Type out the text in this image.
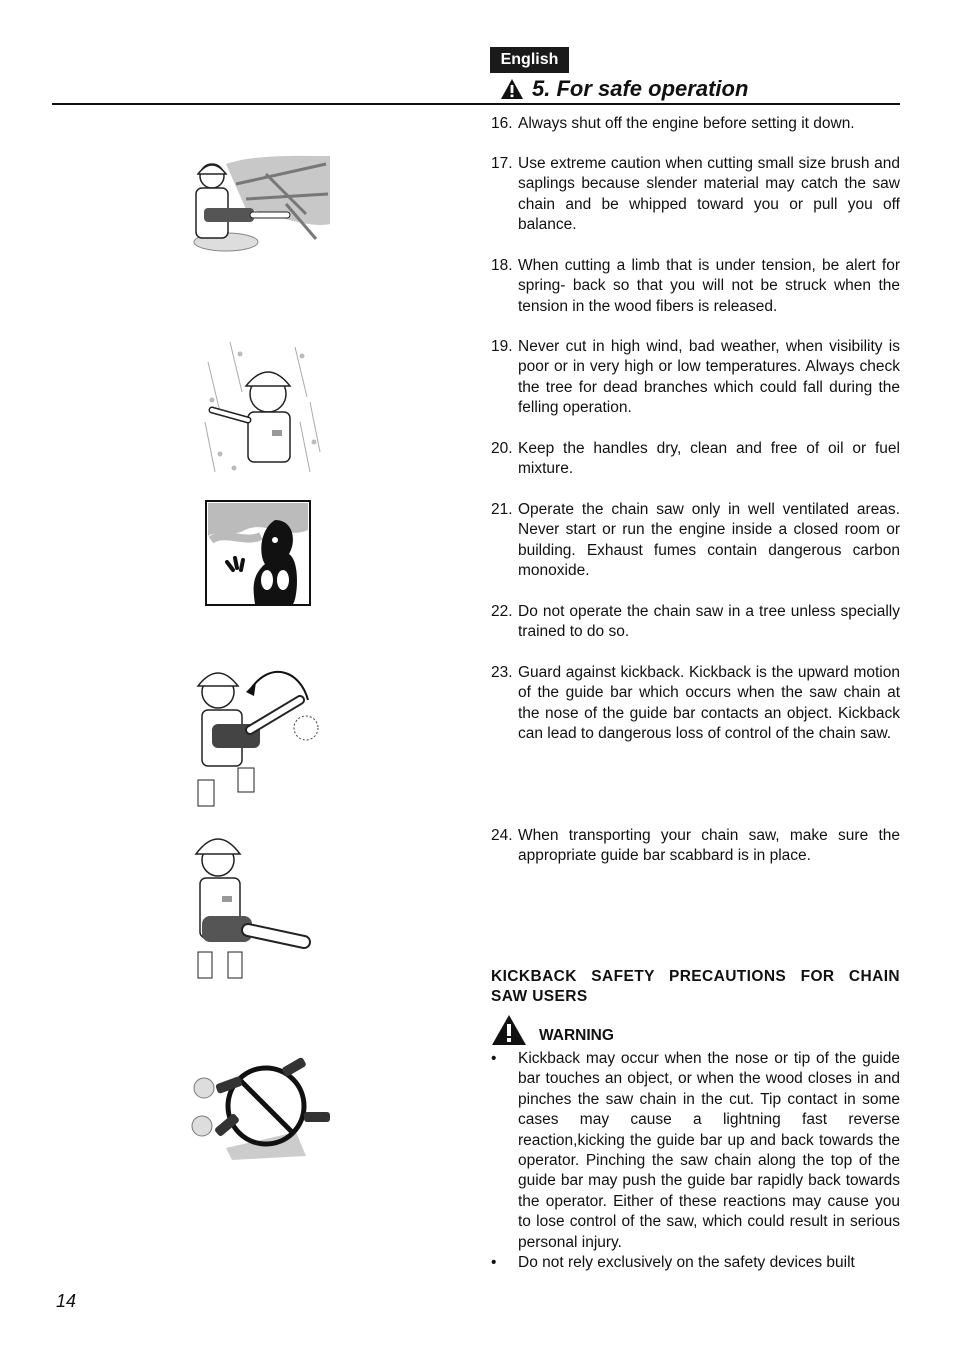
English
5. For safe operation
16. Always shut off the engine before setting it down.
17. Use extreme caution when cutting small size brush and saplings because slender material may catch the saw chain and be whipped toward you or pull you off balance.
18. When cutting a limb that is under tension, be alert for spring- back so that you will not be struck when the tension in the wood fibers is released.
19. Never cut in high wind, bad weather, when visibility is poor or in very high or low temperatures. Always check the tree for dead branches which could fall during the felling operation.
20. Keep the handles dry, clean and free of oil or fuel mixture.
21. Operate the chain saw only in well ventilated areas. Never start or run the engine inside a closed room or building. Exhaust fumes contain dangerous carbon monoxide.
22. Do not operate the chain saw in a tree unless specially trained to do so.
23. Guard against kickback. Kickback is the upward motion of the guide bar which occurs when the saw chain at the nose of the guide bar contacts an object. Kickback can lead to dangerous loss of control of the chain saw.
24. When transporting your chain saw, make sure the appropriate guide bar scabbard is in place.
KICKBACK SAFETY PRECAUTIONS FOR CHAIN SAW USERS
WARNING
• Kickback may occur when the nose or tip of the guide bar touches an object, or when the wood closes in and pinches the saw chain in the cut. Tip contact in some cases may cause a lightning fast reverse reaction,kicking the guide bar up and back towards the operator. Pinching the saw chain along the top of the guide bar may push the guide bar rapidly back towards the operator. Either of these reactions may cause you to lose control of the saw, which could result in serious personal injury.
• Do not rely exclusively on the safety devices built
14
